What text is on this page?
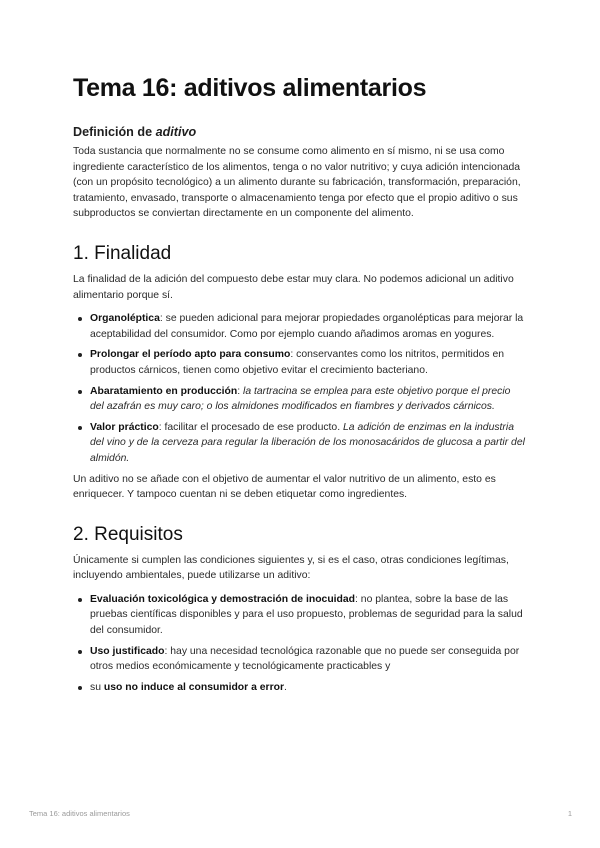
Tema 16: aditivos alimentarios
Definición de aditivo

Toda sustancia que normalmente no se consume como alimento en sí mismo, ni se usa como ingrediente característico de los alimentos, tenga o no valor nutritivo; y cuya adición intencionada (con un propósito tecnológico) a un alimento durante su fabricación, transformación, preparación, tratamiento, envasado, transporte o almacenamiento tenga por efecto que el propio aditivo o sus subproductos se conviertan directamente en un componente del alimento.

1. Finalidad

La finalidad de la adición del compuesto debe estar muy clara. No podemos adicional un aditivo alimentario porque sí.

Organoléptica: se pueden adicional para mejorar propiedades organolépticas para mejorar la aceptabilidad del consumidor. Como por ejemplo cuando añadimos aromas en yogures.
Prolongar el período apto para consumo: conservantes como los nitritos, permitidos en productos cárnicos, tienen como objetivo evitar el crecimiento bacteriano.
Abaratamiento en producción: la tartracina se emplea para este objetivo porque el precio del azafrán es muy caro; o los almidones modificados en fiambres y derivados cárnicos.
Valor práctico: facilitar el procesado de ese producto. La adición de enzimas en la industria del vino y de la cerveza para regular la liberación de los monosacáridos de glucosa a partir del almidón.

Un aditivo no se añade con el objetivo de aumentar el valor nutritivo de un alimento, esto es enriquecer. Y tampoco cuentan ni se deben etiquetar como ingredientes.

2. Requisitos

Únicamente si cumplen las condiciones siguientes y, si es el caso, otras condiciones legítimas, incluyendo ambientales, puede utilizarse un aditivo:

Evaluación toxicológica y demostración de inocuidad: no plantea, sobre la base de las pruebas científicas disponibles y para el uso propuesto, problemas de seguridad para la salud del consumidor.
Uso justificado: hay una necesidad tecnológica razonable que no puede ser conseguida por otros medios económicamente y tecnológicamente practicables y
su uso no induce al consumidor a error.
Tema 16: aditivos alimentarios	1
